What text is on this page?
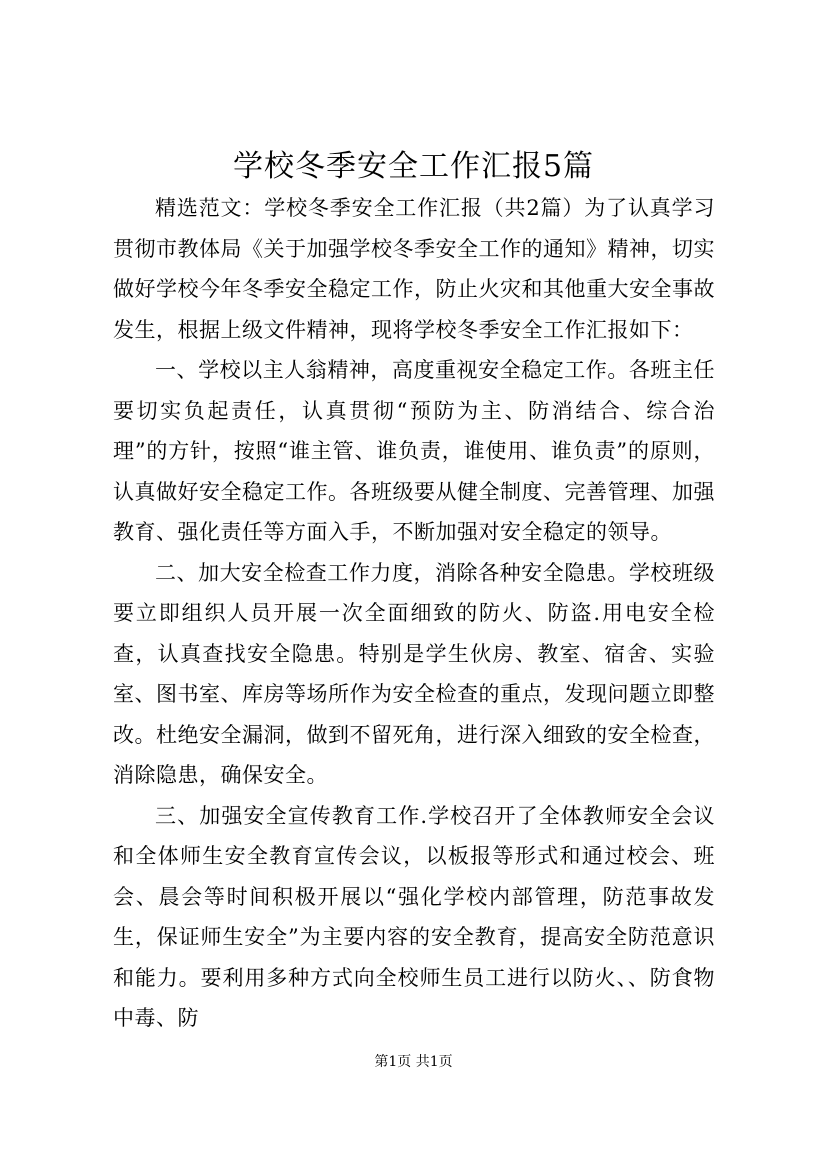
学校冬季安全工作汇报5篇

精选范文：学校冬季安全工作汇报（共2篇）为了认真学习贯彻市教体局《关于加强学校冬季安全工作的通知》精神，切实做好学校今年冬季安全稳定工作，防止火灾和其他重大安全事故发生，根据上级文件精神，现将学校冬季安全工作汇报如下：

一、学校以主人翁精神，高度重视安全稳定工作。各班主任要切实负起责任，认真贯彻“预防为主、防消结合、综合治理”的方针，按照“谁主管、谁负责，谁使用、谁负责”的原则，认真做好安全稳定工作。各班级要从健全制度、完善管理、加强教育、强化责任等方面入手，不断加强对安全稳定的领导。

二、加大安全检查工作力度，消除各种安全隐患。学校班级要立即组织人员开展一次全面细致的防火、防盗.用电安全检查，认真查找安全隐患。特别是学生伙房、教室、宿舍、实验室、图书室、库房等场所作为安全检查的重点，发现问题立即整改。杜绝安全漏洞，做到不留死角，进行深入细致的安全检查，消除隐患，确保安全。

三、加强安全宣传教育工作.学校召开了全体教师安全会议和全体师生安全教育宣传会议，以板报等形式和通过校会、班会、晨会等时间积极开展以“强化学校内部管理，防范事故发生，保证师生安全”为主要内容的安全教育，提高安全防范意识和能力。要利用多种方式向全校师生员工进行以防火、、防食物中毒、防

第1页 共1页
